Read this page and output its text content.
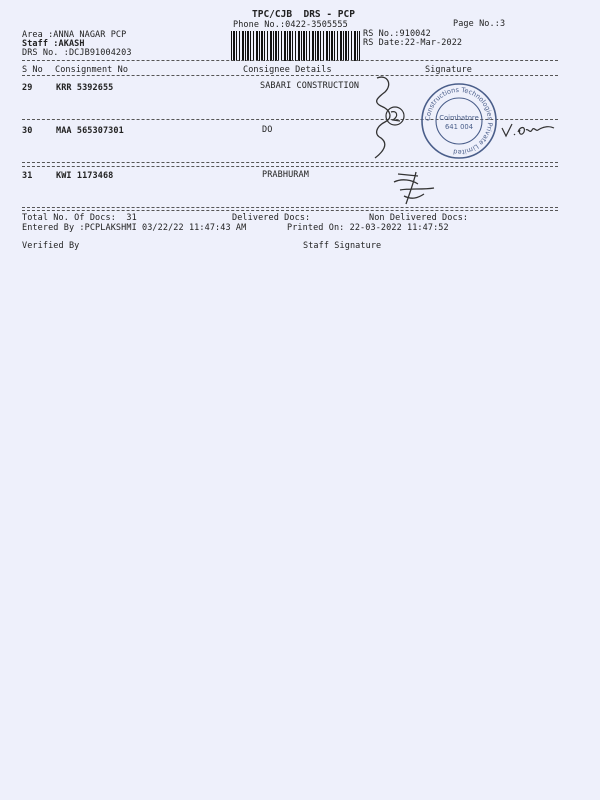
TPC/CJB  DRS - PCP
Phone No.:0422-3505555	Page No.:3
Area :ANNA NAGAR PCP
Staff :AKASH
DRS No. :DCJB91004203
RS No.:910042
RS Date:22-Mar-2022
S No Consignment No	Consignee Details	Signature
29	KRR 5392655	SABARI CONSTRUCTION
30	MAA 565307301	DO
31	KWI 1173468	PRABHURAM
Constructions Technologies Private Limited
Coimbatore
641 004
Total No. Of Docs:  31	Delivered Docs:	Non Delivered Docs:
Entered By :PCPLAKSHMI 03/22/22 11:47:43 AM	Printed On: 22-03-2022 11:47:52
Verified By	Staff Signature
